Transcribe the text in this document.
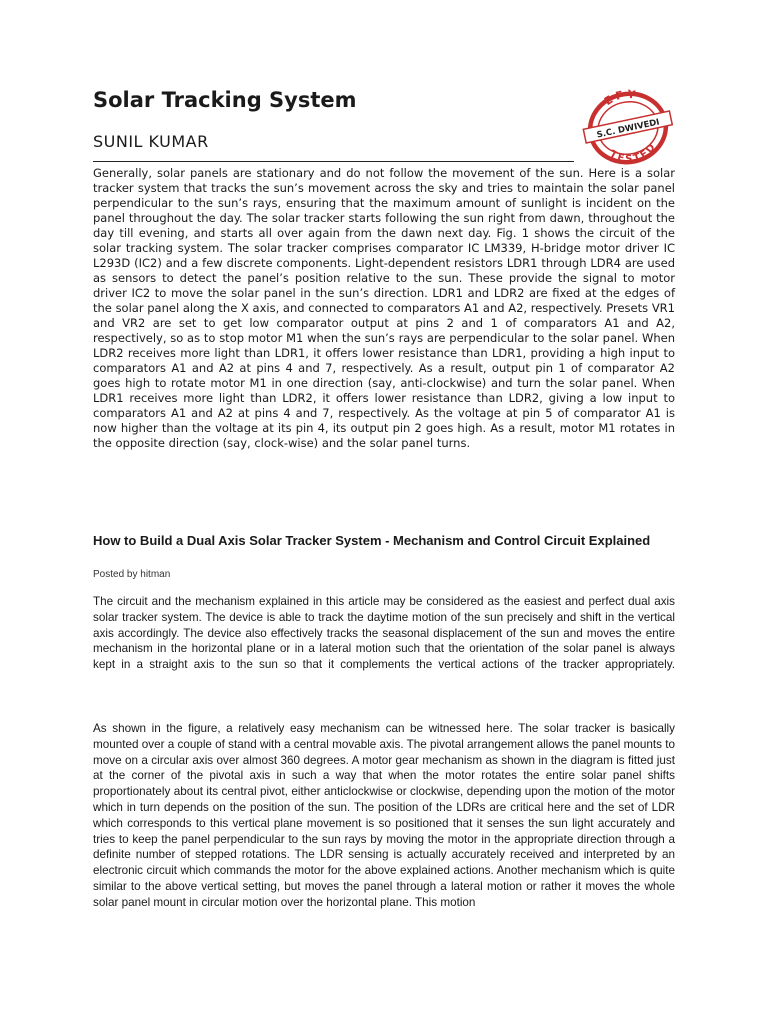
Solar Tracking System
SUNIL KUMAR
EFY
S.C. DWIVEDI
TESTED

Generally, solar panels are stationary and do not follow the movement of the sun. Here is a solar tracker system that tracks the sun’s movement across the sky and tries to maintain the solar panel perpendicular to the sun’s rays, ensuring that the maximum amount of sunlight is incident on the panel throughout the day. The solar tracker starts following the sun right from dawn, throughout the day till evening, and starts all over again from the dawn next day. Fig. 1 shows the circuit of the solar tracking system. The solar tracker comprises comparator IC LM339, H-bridge motor driver IC L293D (IC2) and a few discrete components. Light-dependent resistors LDR1 through LDR4 are used as sensors to detect the panel’s position relative to the sun. These provide the signal to motor driver IC2 to move the solar panel in the sun’s direction. LDR1 and LDR2 are fixed at the edges of the solar panel along the X axis, and connected to comparators A1 and A2, respectively. Presets VR1 and VR2 are set to get low comparator output at pins 2 and 1 of comparators A1 and A2, respectively, so as to stop motor M1 when the sun’s rays are perpendicular to the solar panel. When LDR2 receives more light than LDR1, it offers lower resistance than LDR1, providing a high input to comparators A1 and A2 at pins 4 and 7, respectively. As a result, output pin 1 of comparator A2 goes high to rotate motor M1 in one direction (say, anti-clockwise) and turn the solar panel. When LDR1 receives more light than LDR2, it offers lower resistance than LDR2, giving a low input to comparators A1 and A2 at pins 4 and 7, respectively. As the voltage at pin 5 of comparator A1 is now higher than the voltage at its pin 4, its output pin 2 goes high. As a result, motor M1 rotates in the opposite direction (say, clock-wise) and the solar panel turns.

How to Build a Dual Axis Solar Tracker System - Mechanism and Control Circuit Explained
Posted by hitman

The circuit and the mechanism explained in this article may be considered as the easiest and perfect dual axis solar tracker system. The device is able to track the daytime motion of the sun precisely and shift in the vertical axis accordingly. The device also effectively tracks the seasonal displacement of the sun and moves the entire mechanism in the horizontal plane or in a lateral motion such that the orientation of the solar panel is always kept in a straight axis to the sun so that it complements the vertical actions of the tracker appropriately.

As shown in the figure, a relatively easy mechanism can be witnessed here. The solar tracker is basically mounted over a couple of stand with a central movable axis. The pivotal arrangement allows the panel mounts to move on a circular axis over almost 360 degrees. A motor gear mechanism as shown in the diagram is fitted just at the corner of the pivotal axis in such a way that when the motor rotates the entire solar panel shifts proportionately about its central pivot, either anticlockwise or clockwise, depending upon the motion of the motor which in turn depends on the position of the sun. The position of the LDRs are critical here and the set of LDR which corresponds to this vertical plane movement is so positioned that it senses the sun light accurately and tries to keep the panel perpendicular to the sun rays by moving the motor in the appropriate direction through a definite number of stepped rotations. The LDR sensing is actually accurately received and interpreted by an electronic circuit which commands the motor for the above explained actions. Another mechanism which is quite similar to the above vertical setting, but moves the panel through a lateral motion or rather it moves the whole solar panel mount in circular motion over the horizontal plane. This motion
